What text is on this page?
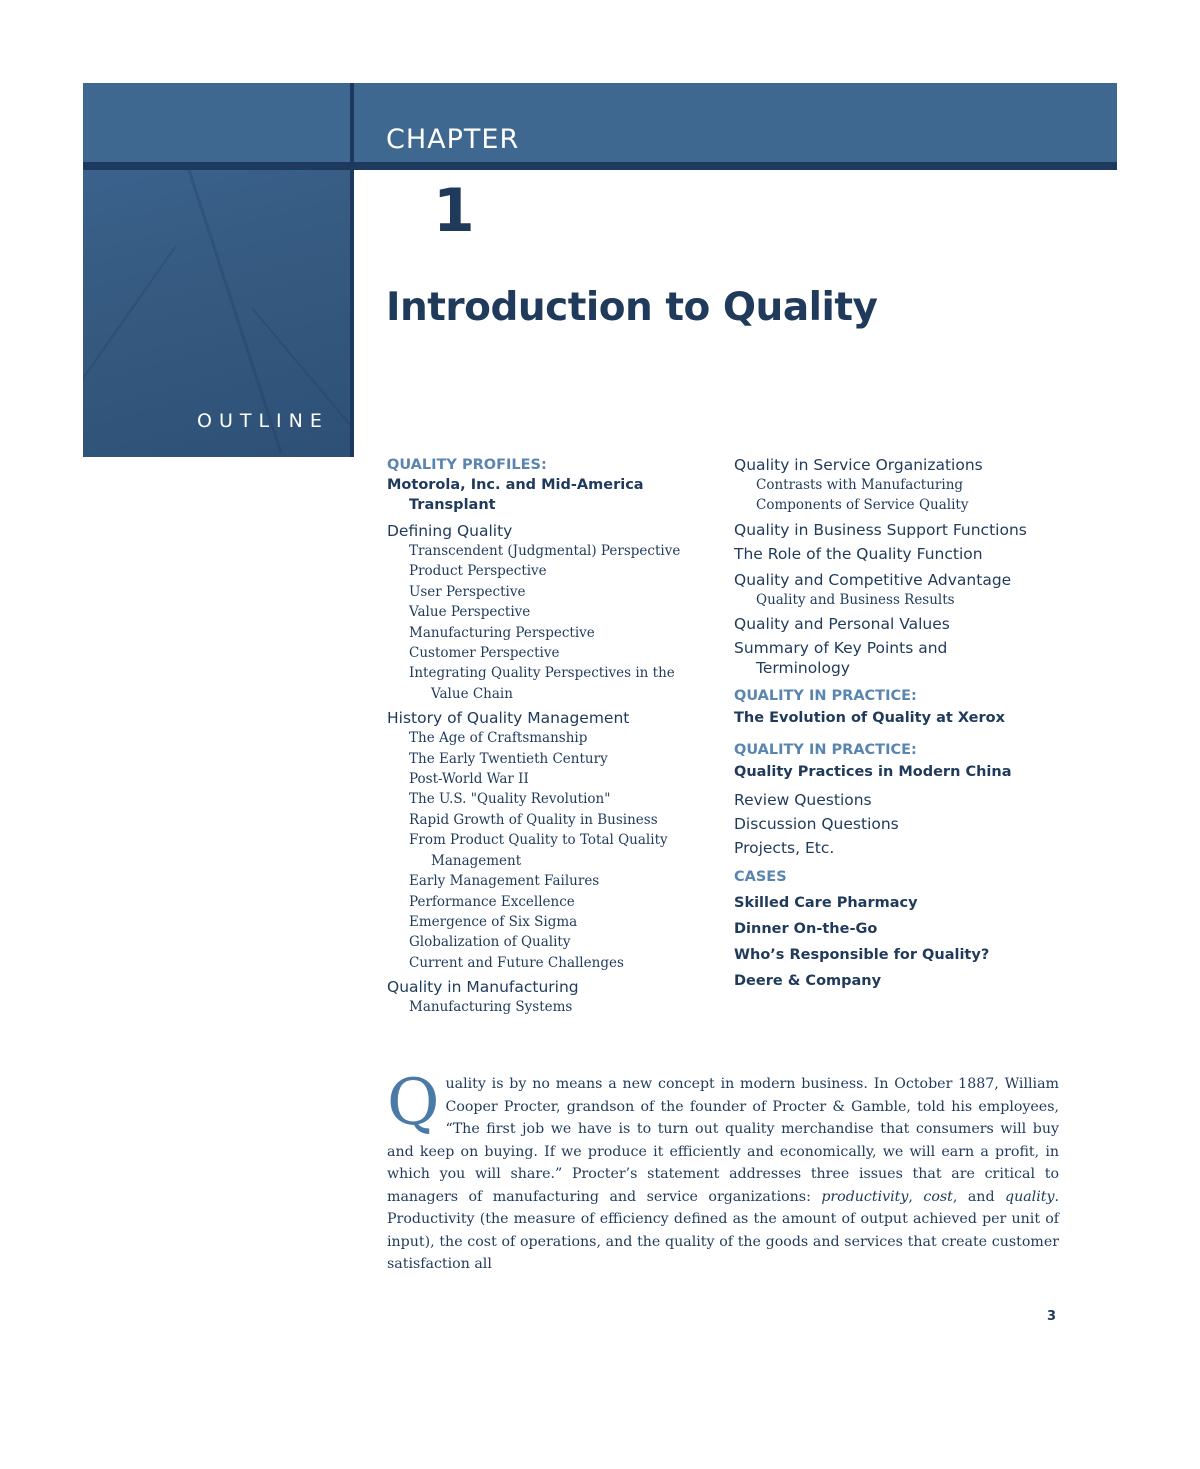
CHAPTER
OUTLINE
1
Introduction to Quality
QUALITY PROFILES:
Motorola, Inc. and Mid-America
Transplant
Defining Quality
Transcendent (Judgmental) Perspective
Product Perspective
User Perspective
Value Perspective
Manufacturing Perspective
Customer Perspective
Integrating Quality Perspectives in the
Value Chain
History of Quality Management
The Age of Craftsmanship
The Early Twentieth Century
Post-World War II
The U.S. "Quality Revolution"
Rapid Growth of Quality in Business
From Product Quality to Total Quality
Management
Early Management Failures
Performance Excellence
Emergence of Six Sigma
Globalization of Quality
Current and Future Challenges
Quality in Manufacturing
Manufacturing Systems
Quality in Service Organizations
Contrasts with Manufacturing
Components of Service Quality
Quality in Business Support Functions
The Role of the Quality Function
Quality and Competitive Advantage
Quality and Business Results
Quality and Personal Values
Summary of Key Points and
Terminology
QUALITY IN PRACTICE:
The Evolution of Quality at Xerox
QUALITY IN PRACTICE:
Quality Practices in Modern China
Review Questions
Discussion Questions
Projects, Etc.
CASES
Skilled Care Pharmacy
Dinner On-the-Go
Who’s Responsible for Quality?
Deere & Company
Quality is by no means a new concept in modern business. In October 1887, William Cooper Procter, grandson of the founder of Procter & Gamble, told his employees, “The first job we have is to turn out quality merchandise that consumers will buy and keep on buying. If we produce it efficiently and economically, we will earn a profit, in which you will share.” Procter’s statement addresses three issues that are critical to managers of manufacturing and service organizations: productivity, cost, and quality. Productivity (the measure of efficiency defined as the amount of output achieved per unit of input), the cost of operations, and the quality of the goods and services that create customer satisfaction all
3
